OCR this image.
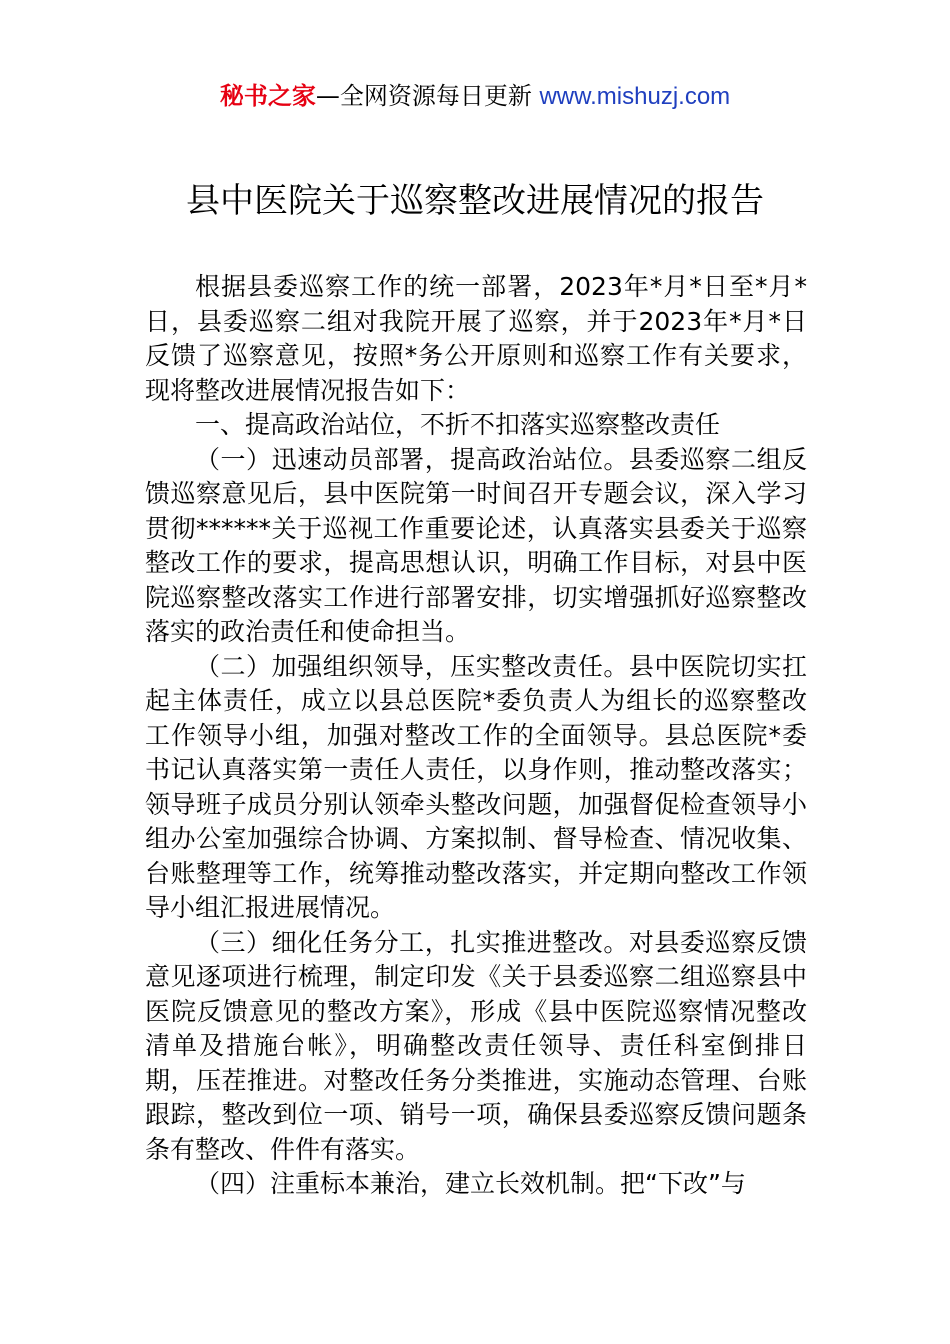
秘书之家—全网资源每日更新 www.mishuzj.com
县中医院关于巡察整改进展情况的报告

根据县委巡察工作的统一部署，2023年*月*日至*月*日，县委巡察二组对我院开展了巡察，并于2023年*月*日反馈了巡察意见，按照*务公开原则和巡察工作有关要求，现将整改进展情况报告如下：

一、提高政治站位，不折不扣落实巡察整改责任

（一）迅速动员部署，提高政治站位。县委巡察二组反馈巡察意见后，县中医院第一时间召开专题会议，深入学习贯彻******关于巡视工作重要论述，认真落实县委关于巡察整改工作的要求，提高思想认识，明确工作目标，对县中医院巡察整改落实工作进行部署安排，切实增强抓好巡察整改落实的政治责任和使命担当。

（二）加强组织领导，压实整改责任。县中医院切实扛起主体责任，成立以县总医院*委负责人为组长的巡察整改工作领导小组，加强对整改工作的全面领导。县总医院*委书记认真落实第一责任人责任，以身作则，推动整改落实；领导班子成员分别认领牵头整改问题，加强督促检查领导小组办公室加强综合协调、方案拟制、督导检查、情况收集、台账整理等工作，统筹推动整改落实，并定期向整改工作领导小组汇报进展情况。

（三）细化任务分工，扎实推进整改。对县委巡察反馈意见逐项进行梳理，制定印发《关于县委巡察二组巡察县中医院反馈意见的整改方案》，形成《县中医院巡察情况整改清单及措施台帐》，明确整改责任领导、责任科室倒排日期，压茬推进。对整改任务分类推进，实施动态管理、台账跟踪，整改到位一项、销号一项，确保县委巡察反馈问题条条有整改、件件有落实。

（四）注重标本兼治，建立长效机制。把“下改”与
